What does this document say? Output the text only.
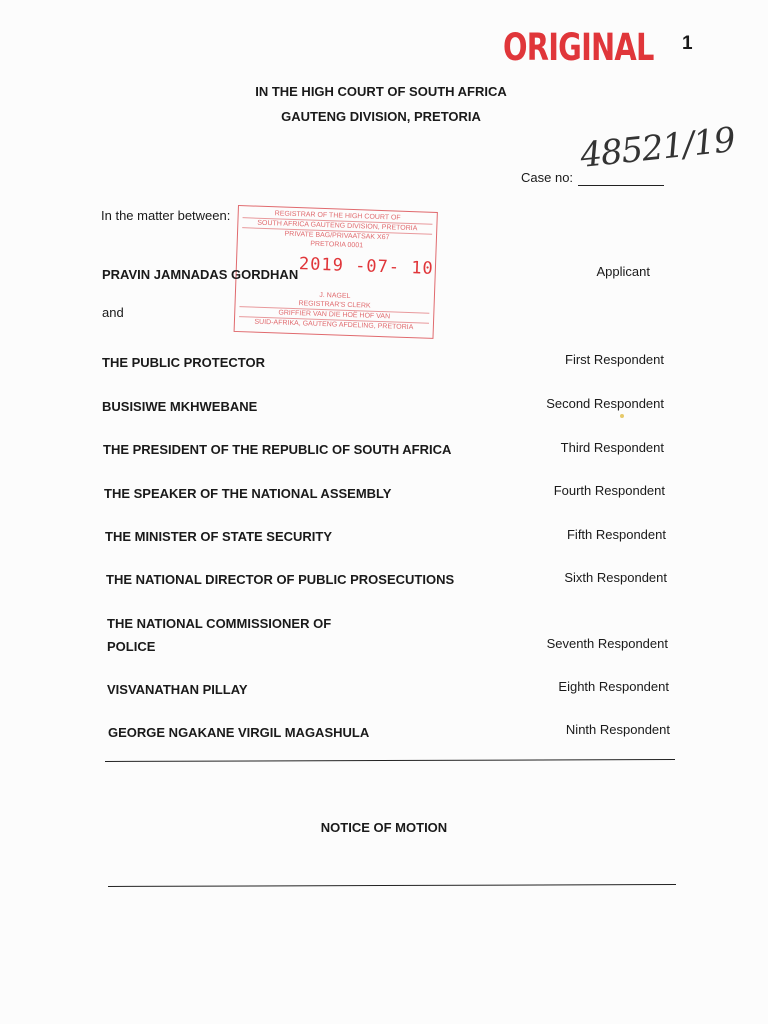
ORIGINAL 1
IN THE HIGH COURT OF SOUTH AFRICA
GAUTENG DIVISION, PRETORIA
48521/19
Case no:
In the matter between:	REGISTRAR OF THE HIGH COURT OF
SOUTH AFRICA GAUTENG DIVISION, PRETORIA
PRIVATE BAG/PRIVAATSAK X67
PRETORIA 0001
2019 -07- 10
J. NAGEL
REGISTRAR'S CLERK
GRIFFIER VAN DIE HOË HOF VAN
SUID-AFRIKA, GAUTENG AFDELING, PRETORIA
PRAVIN JAMNADAS GORDHAN	Applicant
and
THE PUBLIC PROTECTOR	First Respondent
BUSISIWE MKHWEBANE	Second Respondent
THE PRESIDENT OF THE REPUBLIC OF SOUTH AFRICA	Third Respondent
THE SPEAKER OF THE NATIONAL ASSEMBLY	Fourth Respondent
THE MINISTER OF STATE SECURITY	Fifth Respondent
THE NATIONAL DIRECTOR OF PUBLIC PROSECUTIONS	Sixth Respondent
THE NATIONAL COMMISSIONER OF
POLICE	Seventh Respondent
VISVANATHAN PILLAY	Eighth Respondent
GEORGE NGAKANE VIRGIL MAGASHULA	Ninth Respondent
NOTICE OF MOTION
